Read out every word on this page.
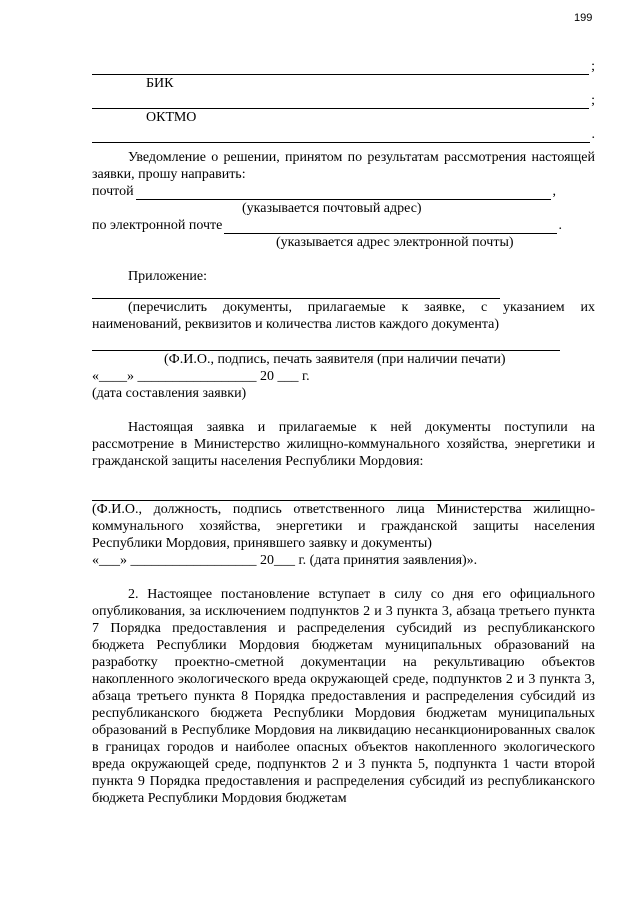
199
;
БИК
;
ОКТМО
.
Уведомление о решении, принятом по результатам рассмотрения настоящей заявки, прошу направить:
почтой	,
(указывается почтовый адрес)
по электронной почте	.
(указывается адрес электронной почты)
Приложение:
(перечислить документы, прилагаемые к заявке, с указанием их наименований, реквизитов и количества листов каждого документа)
(Ф.И.О., подпись, печать заявителя (при наличии печати)
«____» _________________ 20 ___ г.
(дата составления заявки)
Настоящая заявка и прилагаемые к ней документы поступили на рассмотрение в Министерство жилищно-коммунального хозяйства, энергетики и гражданской защиты населения Республики Мордовия:
(Ф.И.О., должность, подпись ответственного лица Министерства жилищно-коммунального хозяйства, энергетики и гражданской защиты населения Республики Мордовия, принявшего заявку и документы)
«___» __________________ 20___ г. (дата принятия заявления)».
2. Настоящее постановление вступает в силу со дня его официального опубликования, за исключением подпунктов 2 и 3 пункта 3, абзаца третьего пункта 7 Порядка предоставления и распределения субсидий из республиканского бюджета Республики Мордовия бюджетам муниципальных образований на разработку проектно-сметной документации на рекультивацию объектов накопленного экологического вреда окружающей среде, подпунктов 2 и 3 пункта 3, абзаца третьего пункта 8 Порядка предоставления и распределения субсидий из республиканского бюджета Республики Мордовия бюджетам муниципальных образований в Республике Мордовия на ликвидацию несанкционированных свалок в границах городов и наиболее опасных объектов накопленного экологического вреда окружающей среде, подпунктов 2 и 3 пункта 5, подпункта 1 части второй пункта 9 Порядка предоставления и распределения субсидий из республиканского бюджета Республики Мордовия бюджетам
